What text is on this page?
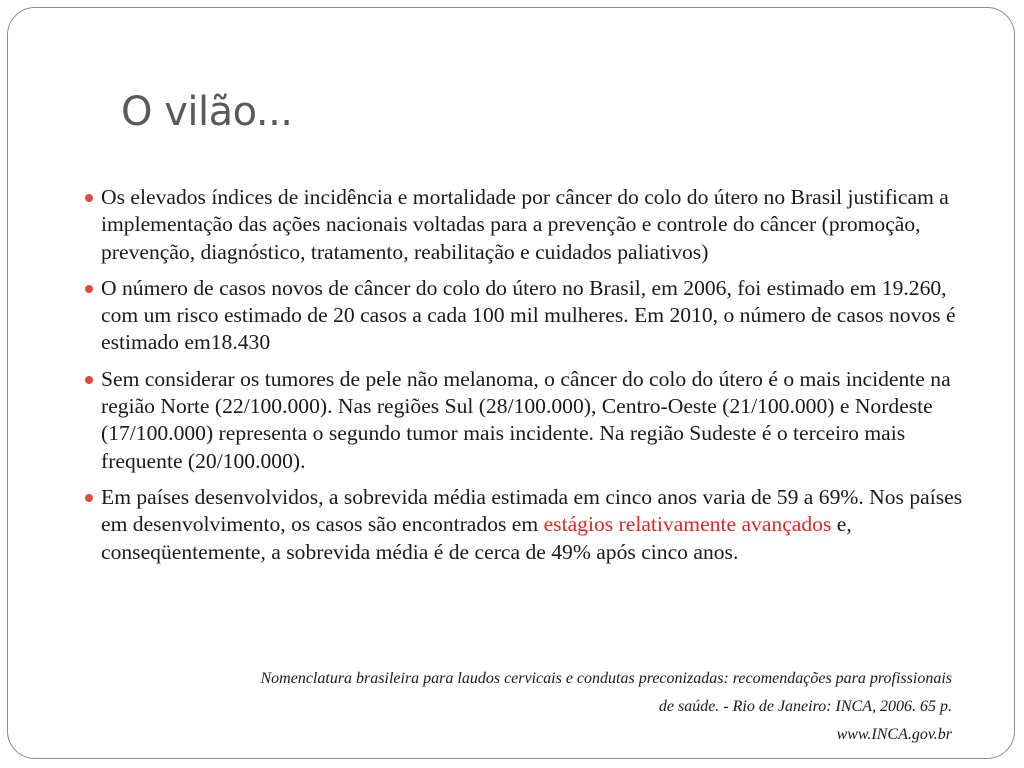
O vilão...
Os elevados índices de incidência e mortalidade por câncer do colo do útero no Brasil justificam a implementação das ações nacionais voltadas para a prevenção e controle do câncer (promoção, prevenção, diagnóstico, tratamento, reabilitação e cuidados paliativos)
O número de casos novos de câncer do colo do útero no Brasil, em 2006, foi estimado em 19.260, com um risco estimado de 20 casos a cada 100 mil mulheres. Em 2010, o número de casos novos é estimado em18.430
Sem considerar os tumores de pele não melanoma, o câncer do colo do útero é o mais incidente na região Norte (22/100.000). Nas regiões Sul (28/100.000), Centro-Oeste (21/100.000) e Nordeste (17/100.000) representa o segundo tumor mais incidente. Na região Sudeste é o terceiro mais frequente (20/100.000).
Em países desenvolvidos, a sobrevida média estimada em cinco anos varia de 59 a 69%. Nos países em desenvolvimento, os casos são encontrados em estágios relativamente avançados e, conseqüentemente, a sobrevida média é de cerca de 49% após cinco anos.
Nomenclatura brasileira para laudos cervicais e condutas preconizadas: recomendações para profissionais
de saúde. - Rio de Janeiro: INCA, 2006. 65 p.
www.INCA.gov.br
